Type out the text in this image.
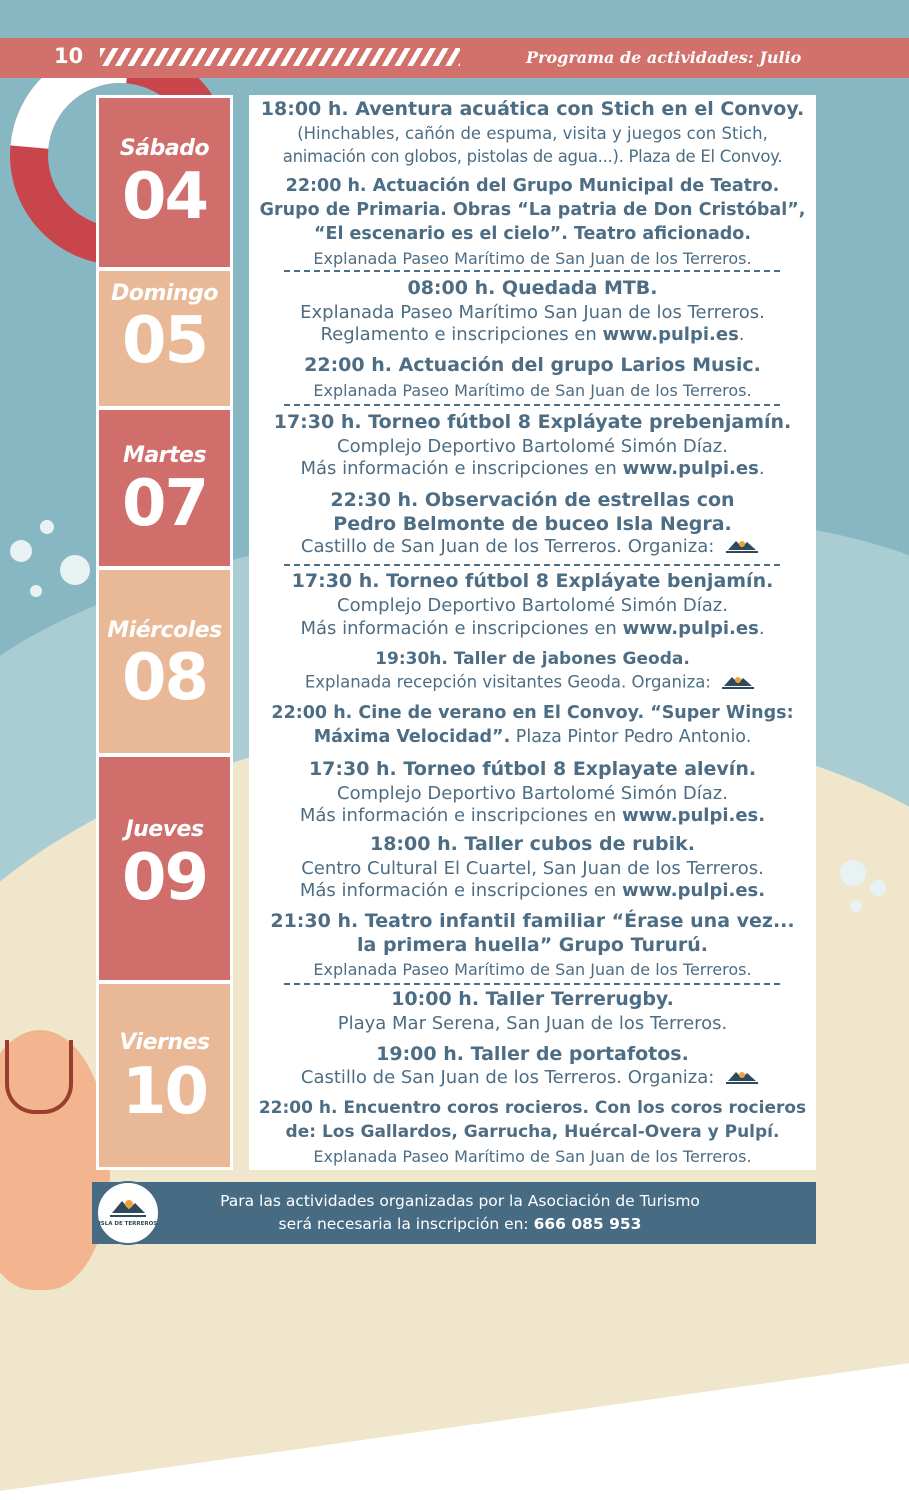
10	Programa de actividades: Julio
Sábado
04
Domingo
05
Martes
07
Miércoles
08
Jueves
09
Viernes
10
18:00 h. Aventura acuática con Stich en el Convoy.
(Hinchables, cañón de espuma, visita y juegos con Stich,
animación con globos, pistolas de agua...). Plaza de El Convoy.
22:00 h. Actuación del Grupo Municipal de Teatro.
Grupo de Primaria. Obras “La patria de Don Cristóbal”,
“El escenario es el cielo”. Teatro aficionado.
Explanada Paseo Marítimo de San Juan de los Terreros.
08:00 h. Quedada MTB.
Explanada Paseo Marítimo San Juan de los Terreros.
Reglamento e inscripciones en www.pulpi.es.
22:00 h. Actuación del grupo Larios Music.
Explanada Paseo Marítimo de San Juan de los Terreros.
17:30 h. Torneo fútbol 8 Expláyate prebenjamín.
Complejo Deportivo Bartolomé Simón Díaz.
Más información e inscripciones en www.pulpi.es.
22:30 h. Observación de estrellas con
Pedro Belmonte de buceo Isla Negra.
Castillo de San Juan de los Terreros. Organiza:
17:30 h. Torneo fútbol 8 Expláyate benjamín.
Complejo Deportivo Bartolomé Simón Díaz.
Más información e inscripciones en www.pulpi.es.
19:30h. Taller de jabones Geoda.
Explanada recepción visitantes Geoda. Organiza:
22:00 h. Cine de verano en El Convoy. “Super Wings:
Máxima Velocidad”. Plaza Pintor Pedro Antonio.
17:30 h. Torneo fútbol 8 Explayate alevín.
Complejo Deportivo Bartolomé Simón Díaz.
Más información e inscripciones en www.pulpi.es.
18:00 h. Taller cubos de rubik.
Centro Cultural El Cuartel, San Juan de los Terreros.
Más información e inscripciones en www.pulpi.es.
21:30 h. Teatro infantil familiar “Érase una vez...
la primera huella” Grupo Tururú.
Explanada Paseo Marítimo de San Juan de los Terreros.
10:00 h. Taller Terrerugby.
Playa Mar Serena, San Juan de los Terreros.
19:00 h. Taller de portafotos.
Castillo de San Juan de los Terreros. Organiza:
22:00 h. Encuentro coros rocieros. Con los coros rocieros
de: Los Gallardos, Garrucha, Huércal-Overa y Pulpí.
Explanada Paseo Marítimo de San Juan de los Terreros.
ISLA DE TERREROS
Para las actividades organizadas por la Asociación de Turismo
será necesaria la inscripción en: 666 085 953
